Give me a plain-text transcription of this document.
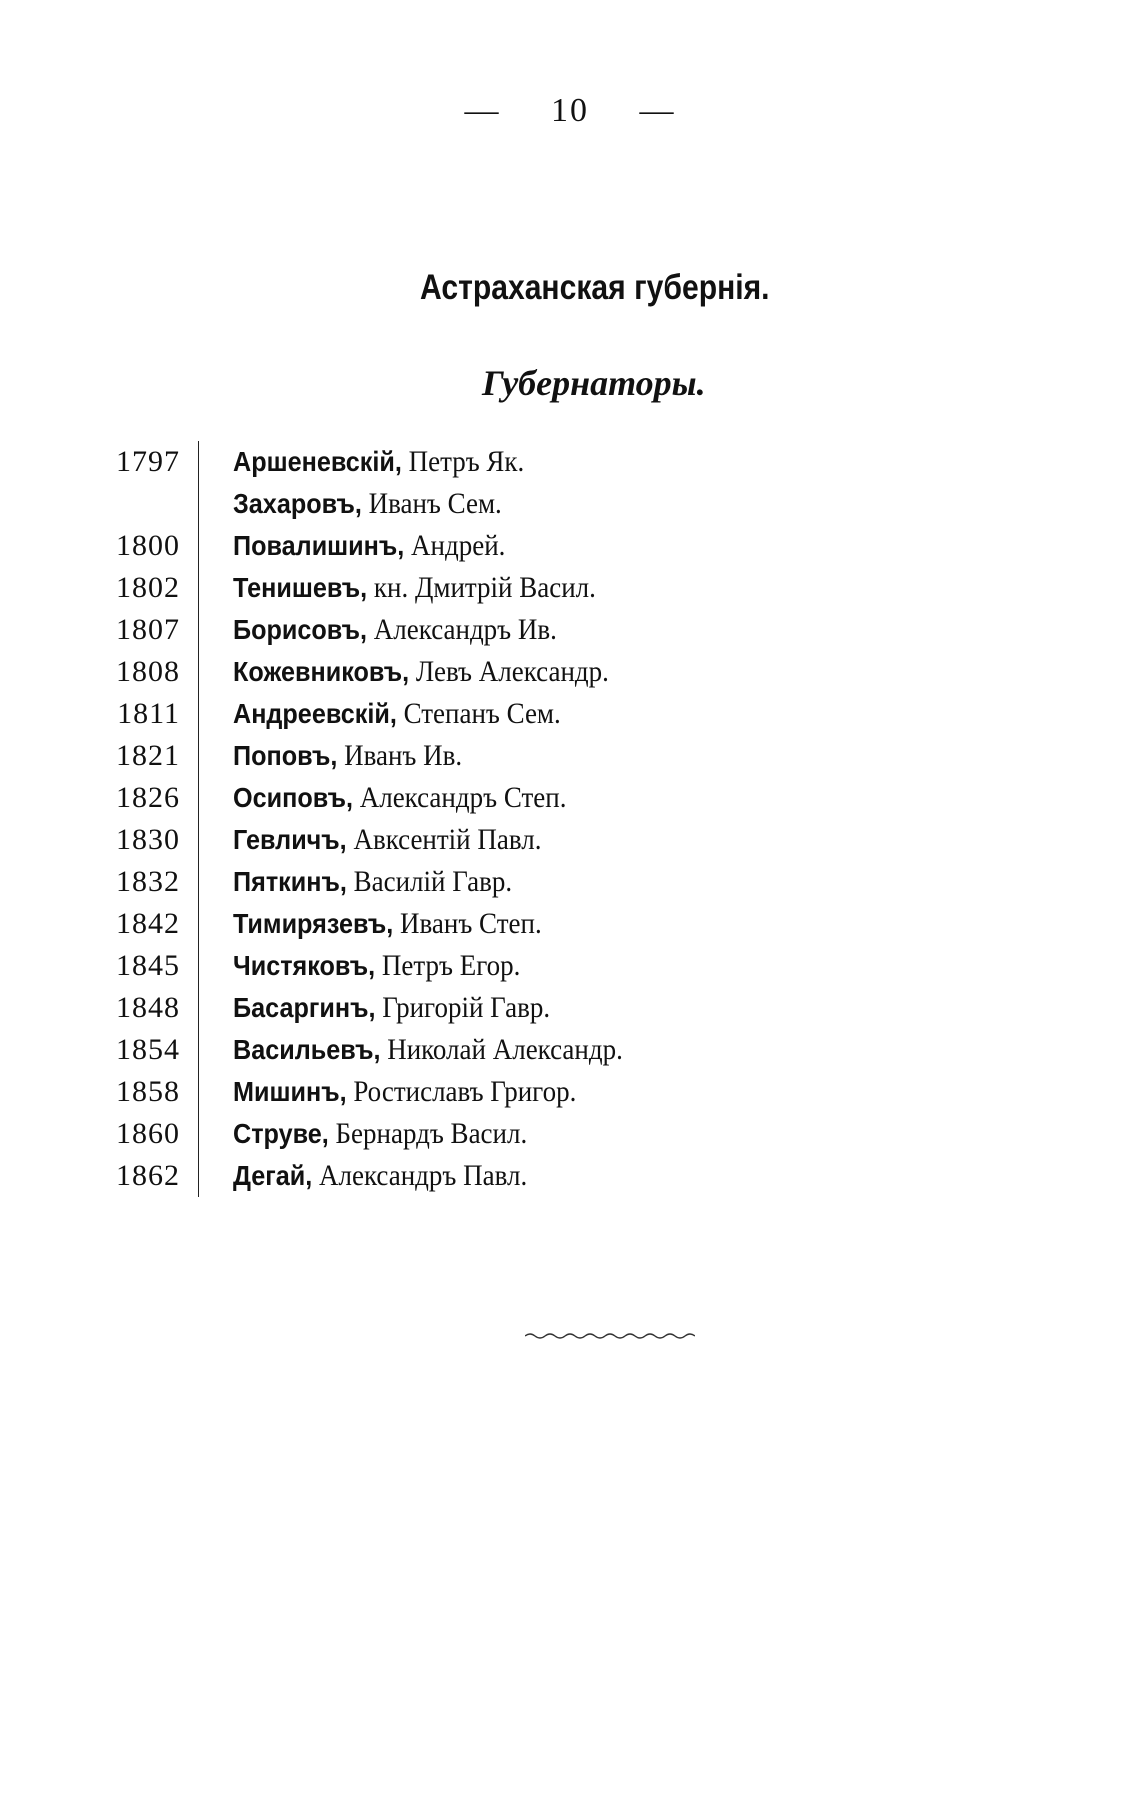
— 10 —
Астраханская губернія.
Губернаторы.
1797 Аршеневскій, Петръ Як.
Захаровъ, Иванъ Сем.
1800 Повалишинъ, Андрей.
1802 Тенишевъ, кн. Дмитрій Васил.
1807 Борисовъ, Александръ Ив.
1808 Кожевниковъ, Левъ Александр.
1811 Андреевскій, Степанъ Сем.
1821 Поповъ, Иванъ Ив.
1826 Осиповъ, Александръ Степ.
1830 Гевличъ, Авксентій Павл.
1832 Пяткинъ, Василій Гавр.
1842 Тимирязевъ, Иванъ Степ.
1845 Чистяковъ, Петръ Егор.
1848 Басаргинъ, Григорій Гавр.
1854 Васильевъ, Николай Александр.
1858 Мишинъ, Ростиславъ Григор.
1860 Струве, Бернардъ Васил.
1862 Дегай, Александръ Павл.
